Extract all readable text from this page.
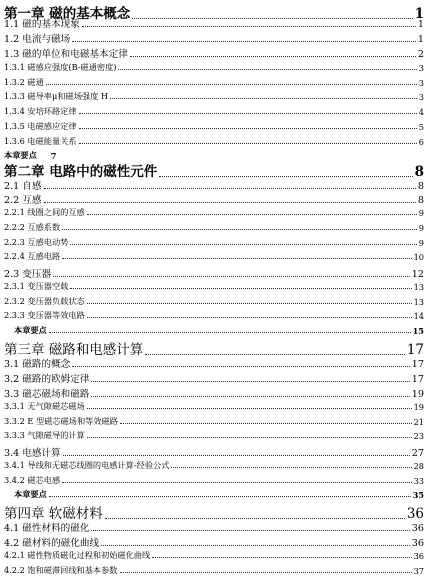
第一章 磁的基本概念	1
1.1 磁的基本现象	1
1.2 电流与磁场	1
1.3 磁的单位和电磁基本定律	2
1.3.1 磁感应强度(B-磁通密度)	3
1.3.2 磁通	3
1.3.3 磁导率μ和磁场强度 H	3
1.3.4 安培环路定律	4
1.3.5 电磁感应定律	5
1.3.6 电磁能量关系	6
本章要点 7
第二章 电路中的磁性元件	8
2.1 自感	8
2.2 互感	8
2.2.1 线圈之间的互感	9
2.2.2 互感系数	9
2.2.3 互感电动势	9
2.2.4 互感电路	10
2.3 变压器	12
2.3.1 变压器空载	13
2.3.2 变压器负载状态	13
2.3.3 变压器等效电路	14
本章要点	15
第三章 磁路和电感计算	17
3.1 磁路的概念	17
3.2 磁路的欧姆定律	17
3.3 磁芯磁场和磁路	19
3.3.1 无气隙磁芯磁场	19
3.3.2 E 型磁芯磁场和等效磁路	21
3.3.3 气隙磁导的计算	23
3.4 电感计算	27
3.4.1 导线和无磁芯线圈的电感计算-经验公式	28
3.4.2 磁芯电感	33
本章要点	35
第四章 软磁材料	36
4.1 磁性材料的磁化	36
4.2 磁材料的磁化曲线	36
4.2.1 磁性物质磁化过程和初始磁化曲线	36
4.2.2 饱和磁滞回线和基本参数	37
